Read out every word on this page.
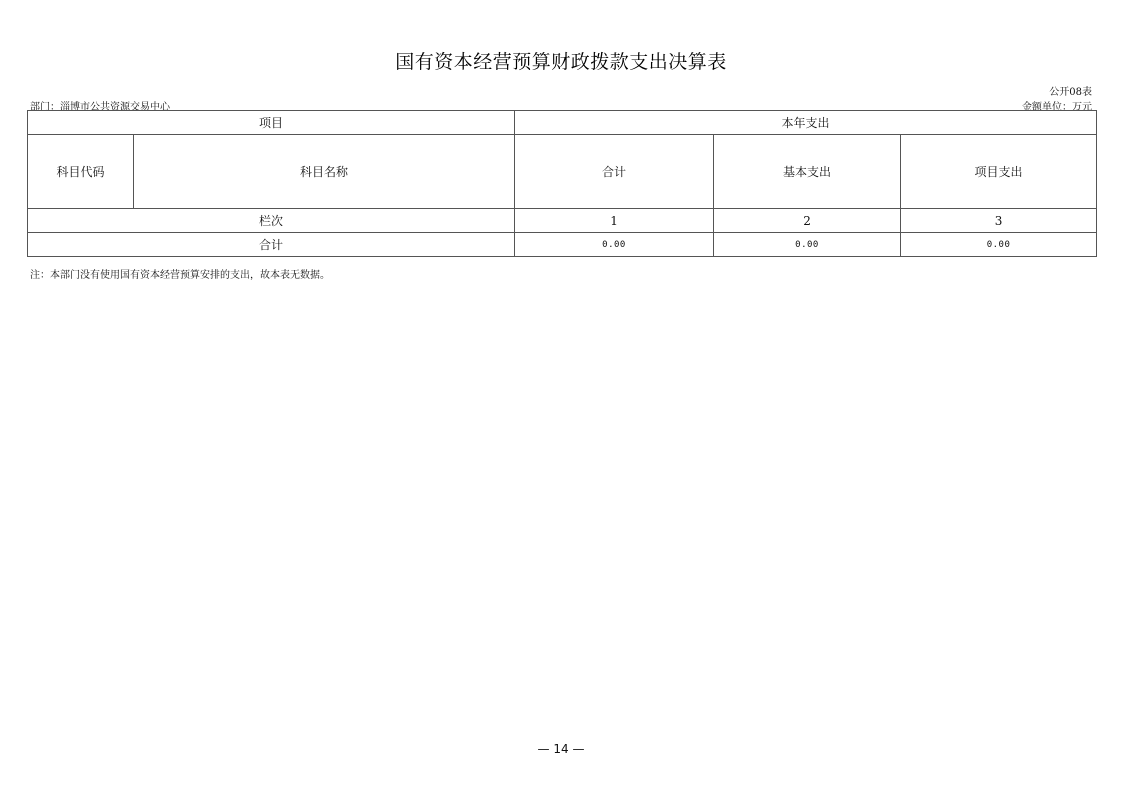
国有资本经营预算财政拨款支出决算表
公开08表
部门：淄博市公共资源交易中心	金额单位：万元
项目		本年支出		
科目代码	科目名称	合计	基本支出	项目支出
栏次		1	2	3
合计		0.00	0.00	0.00
注：本部门没有使用国有资本经营预算安排的支出，故本表无数据。
— 14 —
